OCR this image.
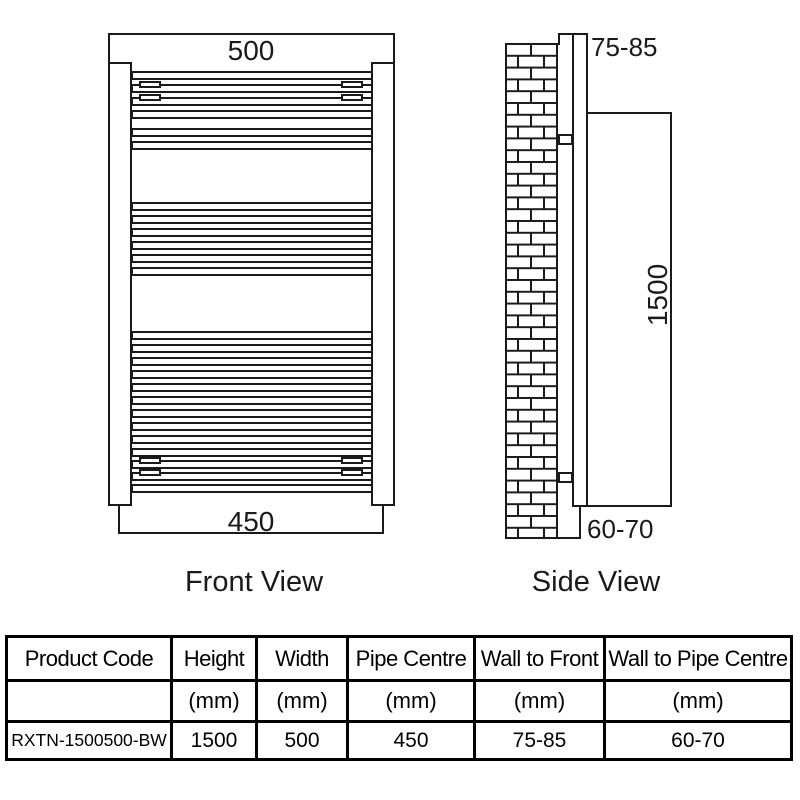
500
450
Front View
75-85
1500
60-70
Side View
Product Code	Height	Width	Pipe Centre	Wall to Front	Wall to Pipe Centre
	(mm)	(mm)	(mm)	(mm)	(mm)
RXTN-1500500-BW	1500	500	450	75-85	60-70
